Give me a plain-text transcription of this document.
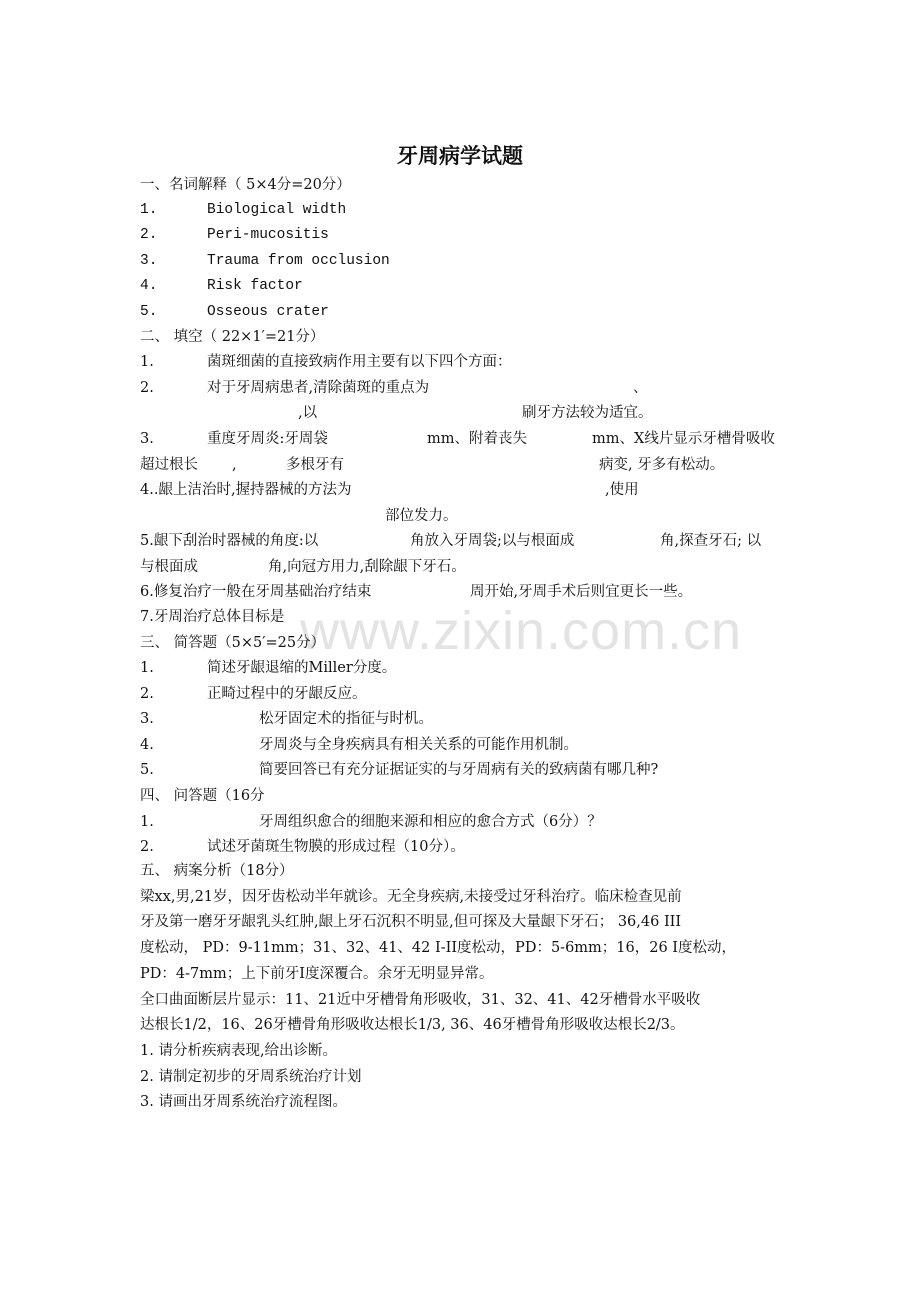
www.zixin.com.cn
牙周病学试题
一、名词解释（ 5×4分=20分）
1.	Biological width
2.	Peri-mucositis
3.	Trauma from occlusion
4.	Risk factor
5.	Osseous crater
二、 填空（ 22×1′=21分）
1.	菌斑细菌的直接致病作用主要有以下四个方面：
2.	对于牙周病患者,清除菌斑的重点为	、
,以	刷牙方法较为适宜。
3.	重度牙周炎:牙周袋	mm、附着丧失	mm、X线片显示牙槽骨吸收
超过根长 ,	多根牙有	病变, 牙多有松动。
4..龈上洁治时,握持器械的方法为	,使用
部位发力。
5.龈下刮治时器械的角度:以	角放入牙周袋;以与根面成	角,探查牙石; 以
与根面成	角,向冠方用力,刮除龈下牙石。
6.修复治疗一般在牙周基础治疗结束	周开始,牙周手术后则宜更长一些。
7.牙周治疗总体目标是
三、 简答题（5×5′=25分）
1.	简述牙龈退缩的Miller分度。
2.	正畸过程中的牙龈反应。
3.	松牙固定术的指征与时机。
4.	牙周炎与全身疾病具有相关关系的可能作用机制。
5.	简要回答已有充分证据证实的与牙周病有关的致病菌有哪几种?
四、 问答题（16分
1.	牙周组织愈合的细胞来源和相应的愈合方式（6分）？
2.	试述牙菌斑生物膜的形成过程（10分）。
五、 病案分析（18分）
梁xx,男,21岁，因牙齿松动半年就诊。无全身疾病,未接受过牙科治疗。临床检查见前
牙及第一磨牙牙龈乳头红肿,龈上牙石沉积不明显,但可探及大量龈下牙石； 36,46 III
度松动， PD：9-11mm；31、32、41、42 I-II度松动，PD：5-6mm；16，26 I度松动，
PD：4-7mm；上下前牙I度深覆合。余牙无明显异常。
全口曲面断层片显示：11、21近中牙槽骨角形吸收，31、32、41、42牙槽骨水平吸收
达根长1/2，16、26牙槽骨角形吸收达根长1/3, 36、46牙槽骨角形吸收达根长2/3。
1. 请分析疾病表现,给出诊断。
2. 请制定初步的牙周系统治疗计划
3. 请画出牙周系统治疗流程图。
